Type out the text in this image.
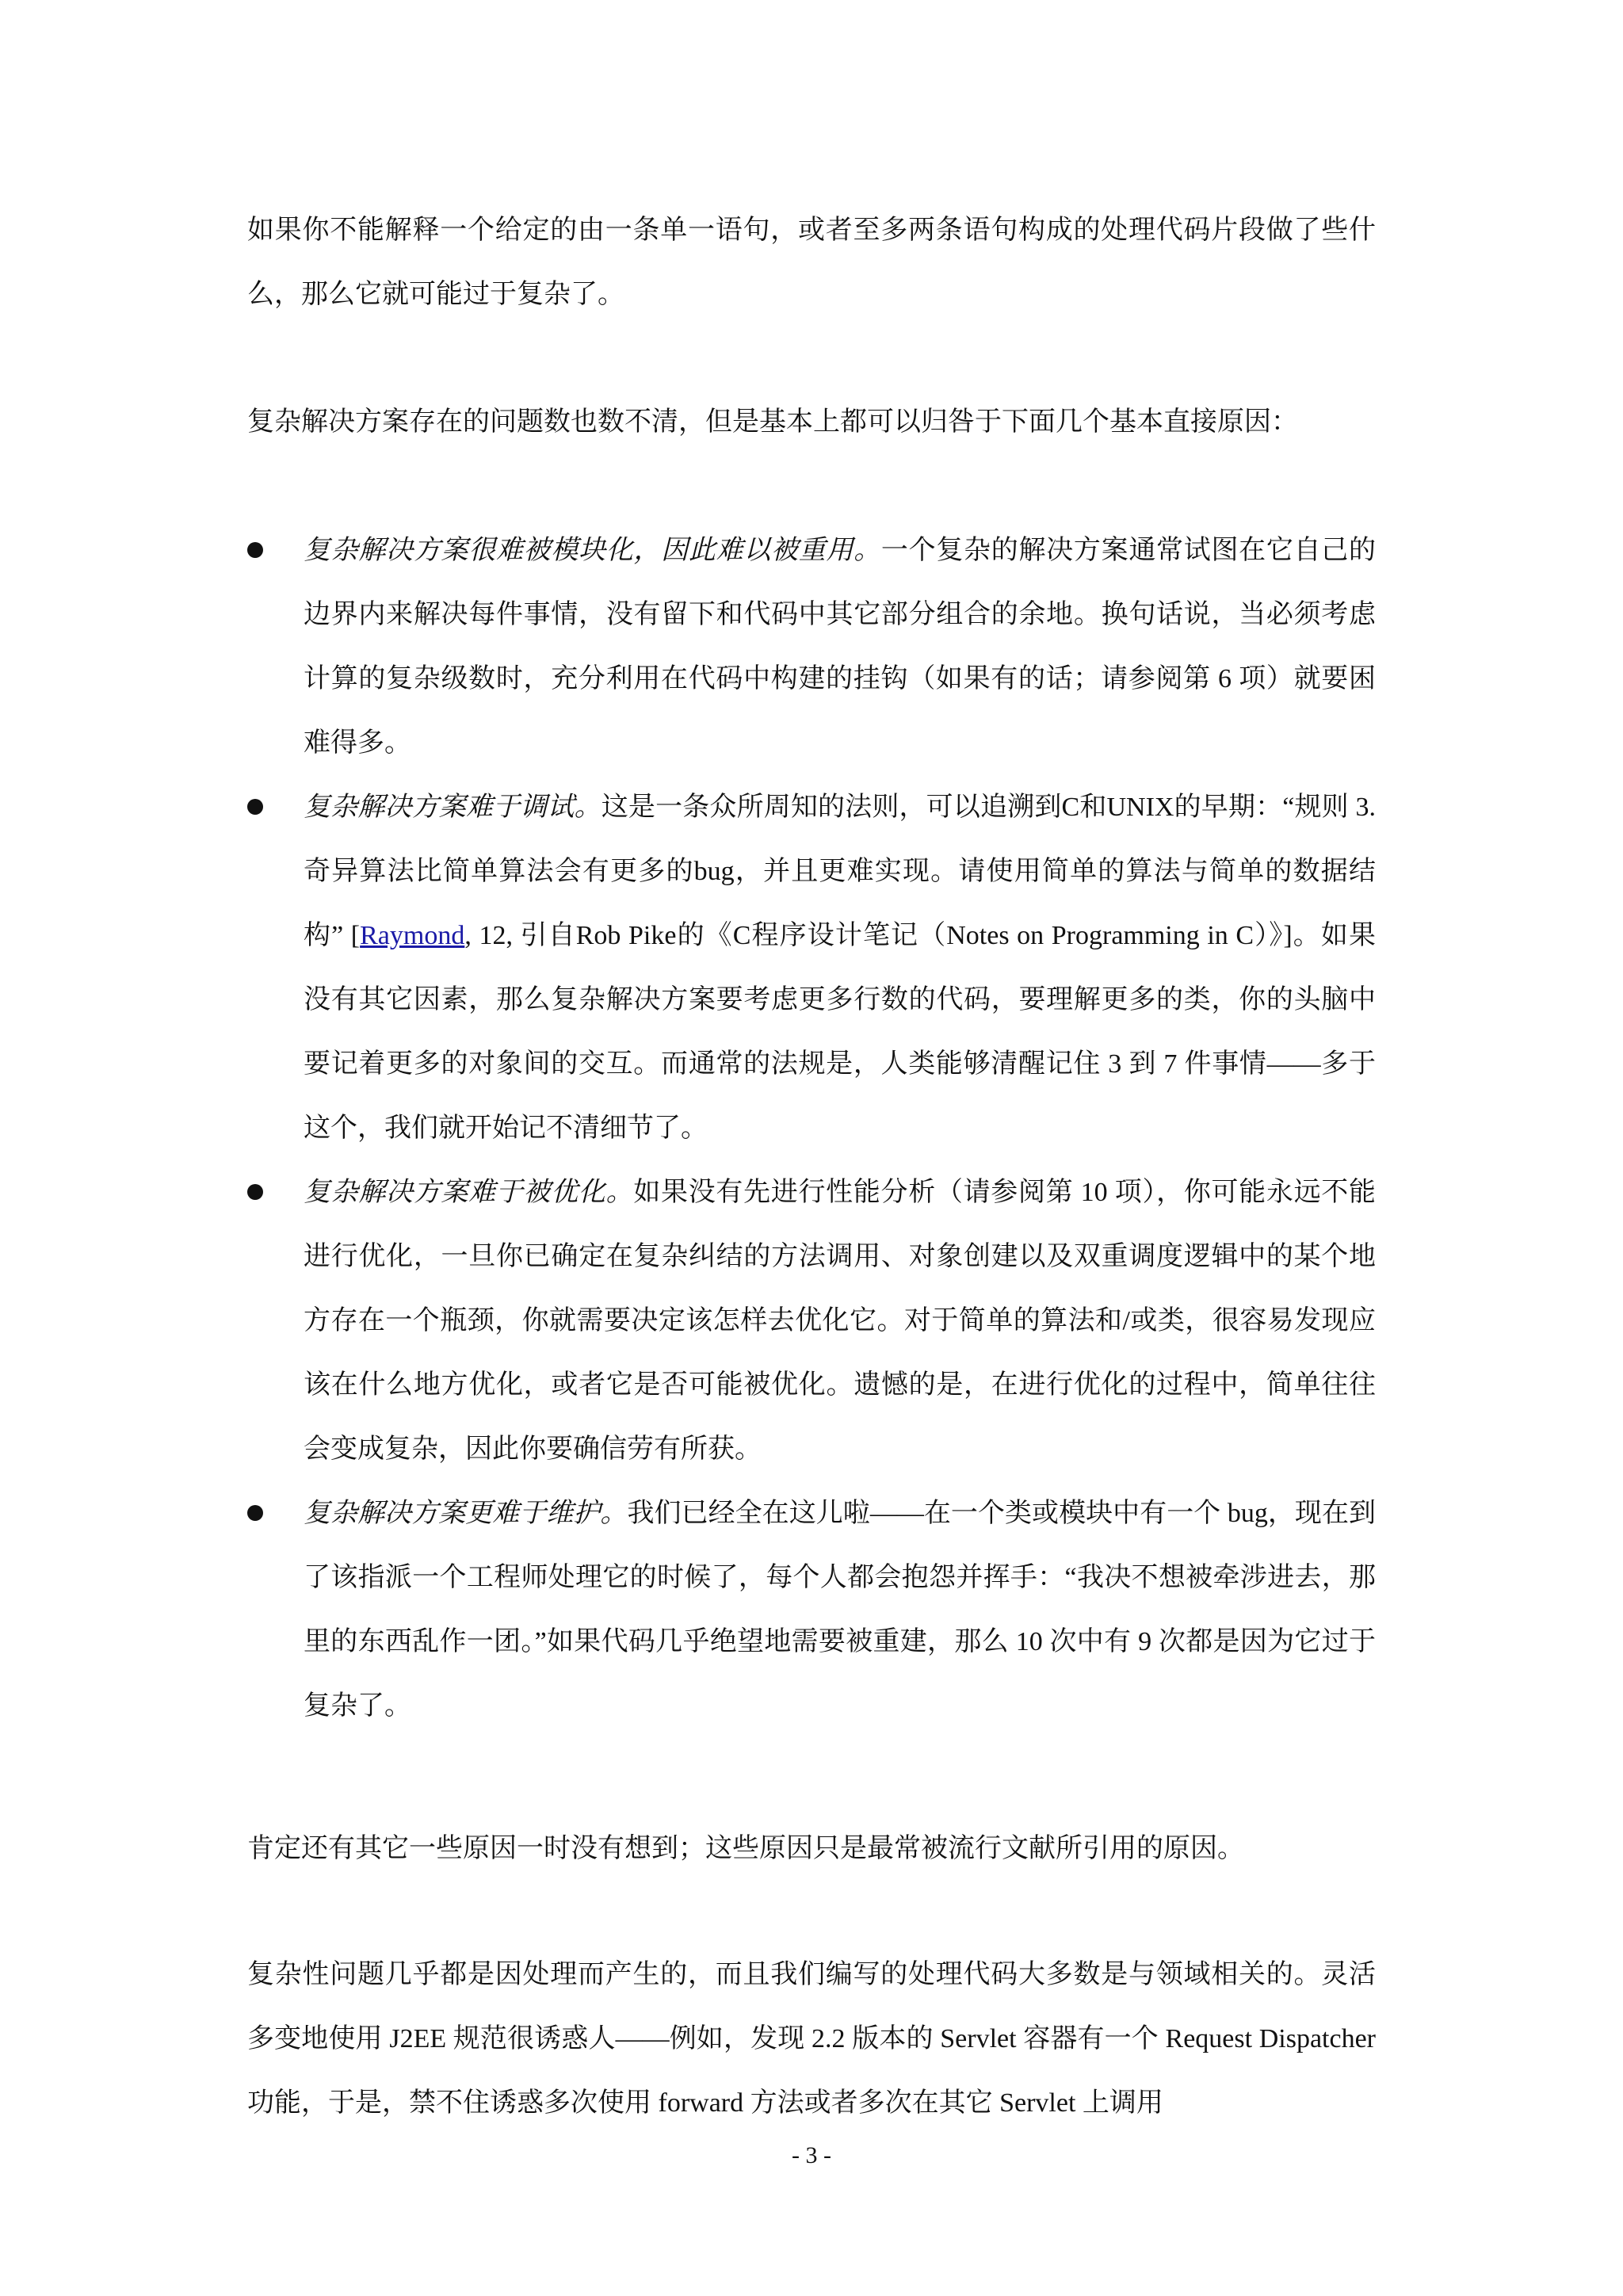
如果你不能解释一个给定的由一条单一语句，或者至多两条语句构成的处理代码片段做了些什么，那么它就可能过于复杂了。

复杂解决方案存在的问题数也数不清，但是基本上都可以归咎于下面几个基本直接原因：

复杂解决方案很难被模块化，因此难以被重用。一个复杂的解决方案通常试图在它自己的边界内来解决每件事情，没有留下和代码中其它部分组合的余地。换句话说，当必须考虑计算的复杂级数时，充分利用在代码中构建的挂钩（如果有的话；请参阅第 6 项）就要困难得多。
复杂解决方案难于调试。这是一条众所周知的法则，可以追溯到C和UNIX的早期：“规则 3. 奇异算法比简单算法会有更多的bug，并且更难实现。请使用简单的算法与简单的数据结构” [Raymond, 12, 引自Rob Pike的《C程序设计笔记（Notes on Programming in C）》]。如果没有其它因素，那么复杂解决方案要考虑更多行数的代码，要理解更多的类，你的头脑中要记着更多的对象间的交互。而通常的法规是，人类能够清醒记住 3 到 7 件事情——多于这个，我们就开始记不清细节了。
复杂解决方案难于被优化。如果没有先进行性能分析（请参阅第 10 项），你可能永远不能进行优化，一旦你已确定在复杂纠结的方法调用、对象创建以及双重调度逻辑中的某个地方存在一个瓶颈，你就需要决定该怎样去优化它。对于简单的算法和/或类，很容易发现应该在什么地方优化，或者它是否可能被优化。遗憾的是，在进行优化的过程中，简单往往会变成复杂，因此你要确信劳有所获。
复杂解决方案更难于维护。我们已经全在这儿啦——在一个类或模块中有一个 bug，现在到了该指派一个工程师处理它的时候了，每个人都会抱怨并挥手：“我决不想被牵涉进去，那里的东西乱作一团。”如果代码几乎绝望地需要被重建，那么 10 次中有 9 次都是因为它过于复杂了。

肯定还有其它一些原因一时没有想到；这些原因只是最常被流行文献所引用的原因。

复杂性问题几乎都是因处理而产生的，而且我们编写的处理代码大多数是与领域相关的。灵活多变地使用 J2EE 规范很诱惑人——例如，发现 2.2 版本的 Servlet 容器有一个 Request Dispatcher 功能，于是，禁不住诱惑多次使用 forward 方法或者多次在其它 Servlet 上调用

- 3 -
